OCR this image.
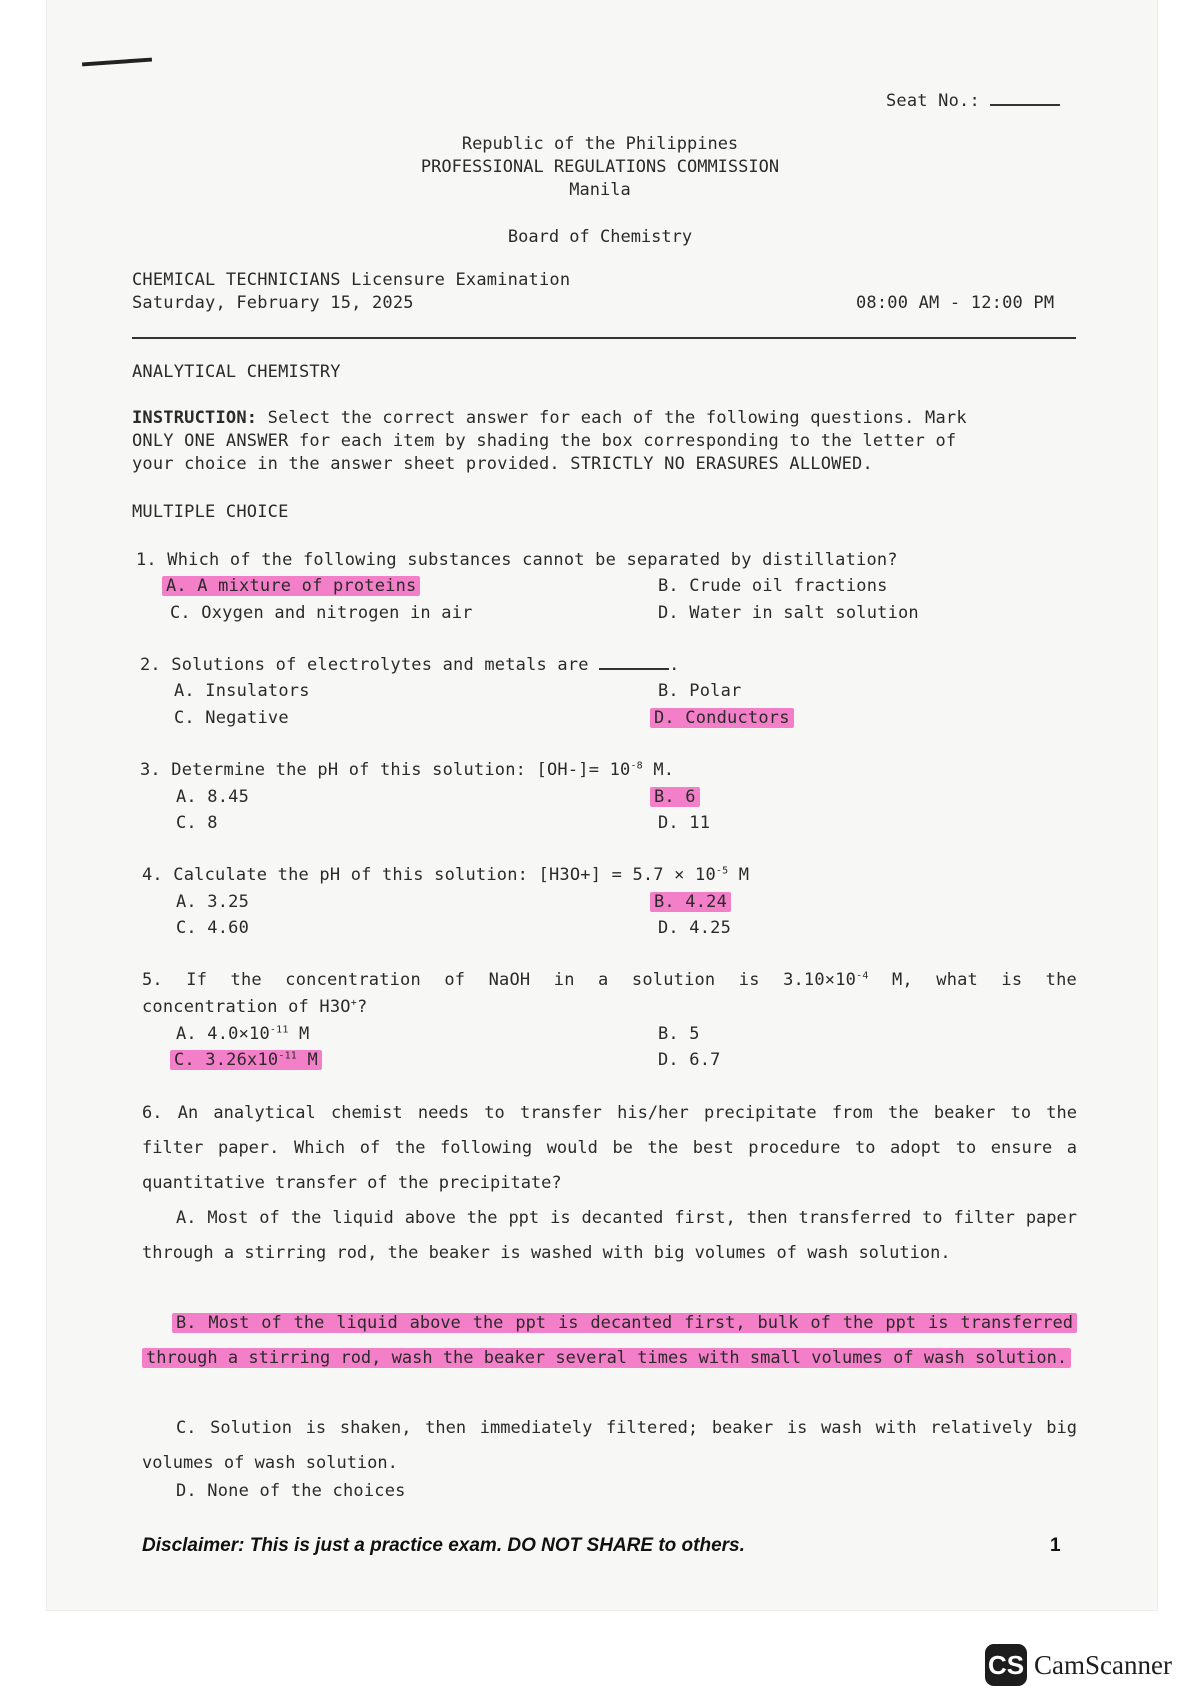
Seat No.:
Republic of the Philippines
PROFESSIONAL REGULATIONS COMMISSION
Manila
Board of Chemistry
CHEMICAL TECHNICIANS Licensure Examination
Saturday, February 15, 2025	08:00 AM - 12:00 PM
ANALYTICAL CHEMISTRY
INSTRUCTION: Select the correct answer for each of the following questions. Mark
ONLY ONE ANSWER for each item by shading the box corresponding to the letter of
your choice in the answer sheet provided. STRICTLY NO ERASURES ALLOWED.
MULTIPLE CHOICE
1. Which of the following substances cannot be separated by distillation?
A. A mixture of proteins	B. Crude oil fractions
C. Oxygen and nitrogen in air	D. Water in salt solution
2. Solutions of electrolytes and metals are	.
A. Insulators	B. Polar
C. Negative	D. Conductors
3. Determine the pH of this solution: $[OH-]= 10^{-8}$ M.
A. 8.45	B. 6
C. 8	D. 11
4. Calculate the pH of this solution: $[H3O+] = 5.7 \times 10^{-5}$ M
A. 3.25	B. 4.24
C. 4.60	D. 4.25
5. If the concentration of NaOH in a solution is $3.10\times 10^{-4}$ M, what is the
concentration of H3O+?
A. $4.0\times 10^{-11}$ M	B. 5
C. $3.26x10^{-11}$ M	D. 6.7
6. An analytical chemist needs to transfer his/her precipitate from the beaker to the filter paper. Which of the following would be the best procedure to adopt to ensure a quantitative transfer of the precipitate?
A. Most of the liquid above the ppt is decanted first, then transferred to filter paper through a stirring rod, the beaker is washed with big volumes of wash solution.
B. Most of the liquid above the ppt is decanted first, bulk of the ppt is transferred through a stirring rod, wash the beaker several times with small volumes of wash solution.
C. Solution is shaken, then immediately filtered; beaker is wash with relatively big volumes of wash solution.
D. None of the choices
Disclaimer: This is just a practice exam. DO NOT SHARE to others.	1
CS CamScanner
